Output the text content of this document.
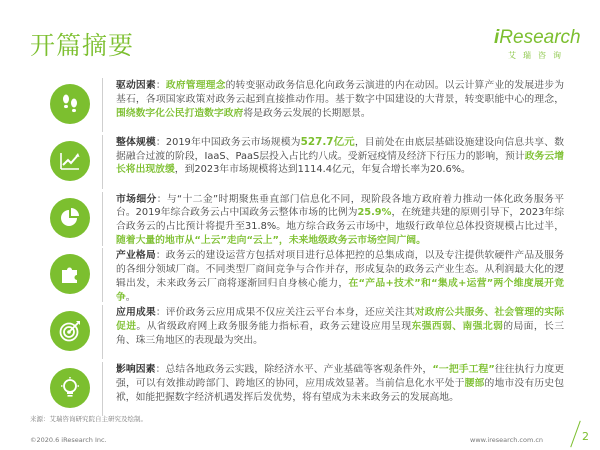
开篇摘要	iResearch
艾瑞咨询
驱动因素：政府管理理念的转变驱动政务信息化向政务云演进的内在动因。以云计算产业的发展进步为基石，各项国家政策对政务云起到直接推动作用。基于数字中国建设的大背景，转变职能中心的理念，围绕数字化公民打造数字政府将是政务云发展的长期愿景。
整体规模：2019年中国政务云市场规模为527.7亿元，目前处在由底层基础设施建设向信息共享、数据融合过渡的阶段，IaaS、PaaS层投入占比约八成。受新冠疫情及经济下行压力的影响，预计政务云增长将出现放缓，到2023年市场规模将达到1114.4亿元，年复合增长率为20.6%。
市场细分：与“十二金”时期聚焦垂直部门信息化不同，现阶段各地方政府着力推动一体化政务服务平台。2019年综合政务云占中国政务云整体市场的比例为25.9%，在统建共建的原则引导下，2023年综合政务云的占比预计将提升至31.8%。地方综合政务云市场中，地级行政单位总体投资规模占比过半，随着大量的地市从“上云”走向“云上”，未来地级政务云市场空间广阔。
产业格局：政务云的建设运营方包括对项目进行总体把控的总集成商，以及专注提供软硬件产品及服务的各细分领域厂商。不同类型厂商间竞争与合作并存，形成复杂的政务云产业生态。从利润最大化的逻辑出发，未来政务云厂商将逐渐回归自身核心能力，在“产品+技术”和“集成+运营”两个维度展开竞争。
应用成果：评价政务云应用成果不仅应关注云平台本身，还应关注其对政府公共服务、社会管理的实际促进。从省级政府网上政务服务能力指标看，政务云建设应用呈现东强西弱、南强北弱的局面，长三角、珠三角地区的表现最为突出。
影响因素：总结各地政务云实践，除经济水平、产业基础等客观条件外，“一把手工程”往往执行力度更强，可以有效推动跨部门、跨地区的协同，应用成效显著。当前信息化水平处于腰部的地市没有历史包袱，如能把握数字经济机遇发挥后发优势，将有望成为未来政务云的发展高地。
来源：艾瑞咨询研究院自主研究及绘制。
©2020.6 iResearch Inc.	www.iresearch.com.cn	2
